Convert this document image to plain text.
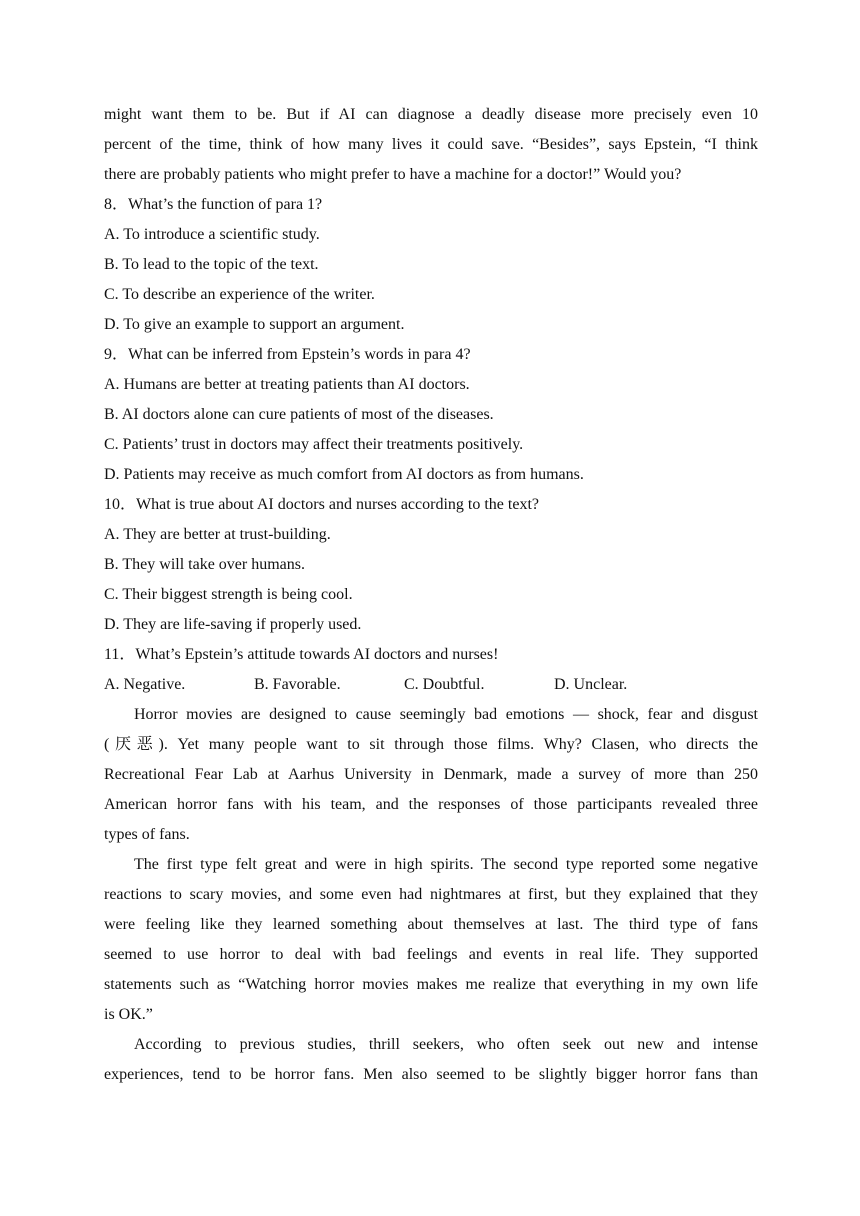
might want them to be. But if AI can diagnose a deadly disease more precisely even 10
percent of the time, think of how many lives it could save. “Besides”, says Epstein, “I think
there are probably patients who might prefer to have a machine for a doctor!” Would you?

8．What’s the function of para 1?

A. To introduce a scientific study.

B. To lead to the topic of the text.

C. To describe an experience of the writer.

D. To give an example to support an argument.

9．What can be inferred from Epstein’s words in para 4?

A. Humans are better at treating patients than AI doctors.

B. AI doctors alone can cure patients of most of the diseases.

C. Patients’ trust in doctors may affect their treatments positively.

D. Patients may receive as much comfort from AI doctors as from humans.

10．What is true about AI doctors and nurses according to the text?

A. They are better at trust-building.

B. They will take over humans.

C. Their biggest strength is being cool.

D. They are life-saving if properly used.

11．What’s Epstein’s attitude towards AI doctors and nurses!

A. Negative.	B. Favorable.	C. Doubtful.	D. Unclear.
Horror movies are designed to cause seemingly bad emotions — shock, fear and disgust
(厌恶). Yet many people want to sit through those films. Why? Clasen, who directs the
Recreational Fear Lab at Aarhus University in Denmark, made a survey of more than 250
American horror fans with his team, and the responses of those participants revealed three
types of fans.
The first type felt great and were in high spirits. The second type reported some negative
reactions to scary movies, and some even had nightmares at first, but they explained that they
were feeling like they learned something about themselves at last. The third type of fans
seemed to use horror to deal with bad feelings and events in real life. They supported
statements such as “Watching horror movies makes me realize that everything in my own life
is OK.”
According to previous studies, thrill seekers, who often seek out new and intense
experiences, tend to be horror fans. Men also seemed to be slightly bigger horror fans than
